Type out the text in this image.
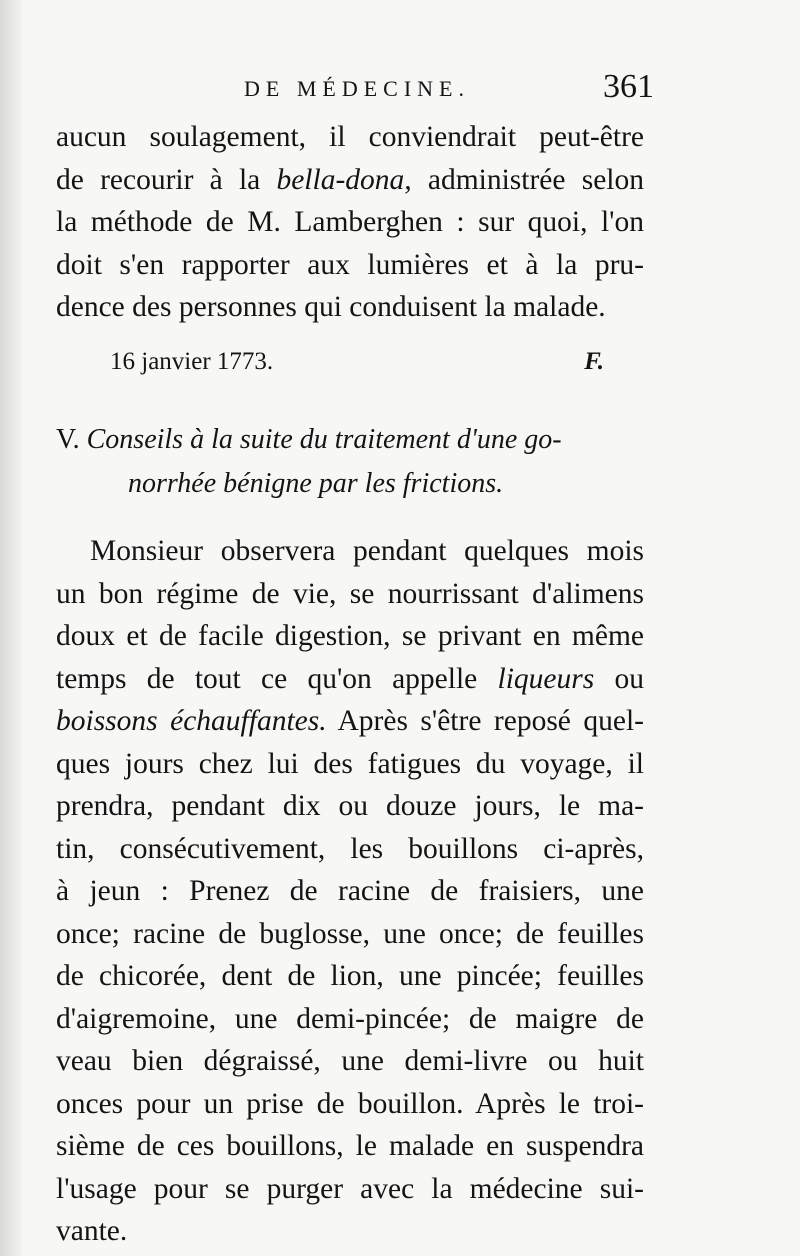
DE MÉDECINE.	361
aucun soulagement, il conviendrait peut-être
de recourir à la bella-dona, administrée selon
la méthode de M. Lamberghen : sur quoi, l'on
doit s'en rapporter aux lumières et à la pru-
dence des personnes qui conduisent la malade.
16 janvier 1773.	F.
V. Conseils à la suite du traitement d'une go-
norrhée bénigne par les frictions.
Monsieur observera pendant quelques mois
un bon régime de vie, se nourrissant d'alimens
doux et de facile digestion, se privant en même
temps de tout ce qu'on appelle liqueurs ou
boissons échauffantes. Après s'être reposé quel-
ques jours chez lui des fatigues du voyage, il
prendra, pendant dix ou douze jours, le ma-
tin, consécutivement, les bouillons ci-après,
à jeun : Prenez de racine de fraisiers, une
once; racine de buglosse, une once; de feuilles
de chicorée, dent de lion, une pincée; feuilles
d'aigremoine, une demi-pincée; de maigre de
veau bien dégraissé, une demi-livre ou huit
onces pour un prise de bouillon. Après le troi-
sième de ces bouillons, le malade en suspendra
l'usage pour se purger avec la médecine sui-
vante.
